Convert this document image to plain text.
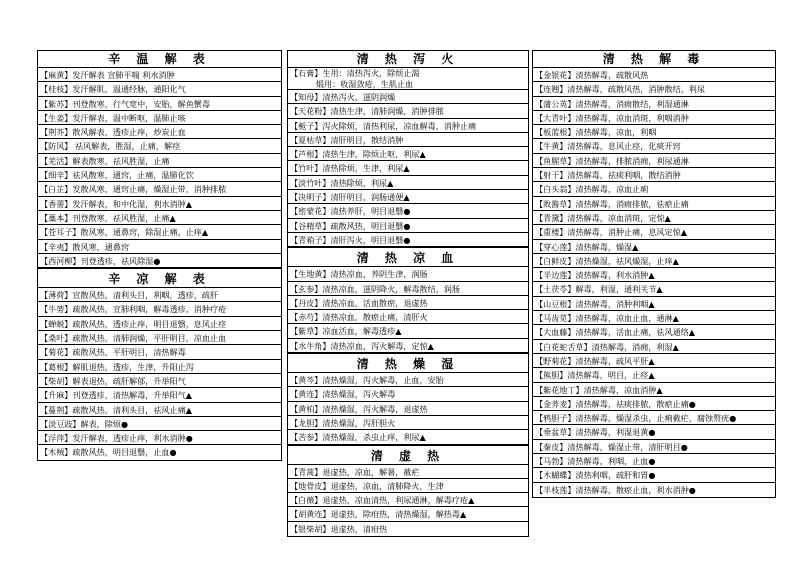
辛 温 解 表
【麻黄】发汗解表 宣肺平喘 利水消肿
【桂枝】发汗解肌，温通经脉，通阳化气
【紫苏】刊登散寒，行气宽中，安胎，解鱼蟹毒
【生姜】发汗解表，温中断呕，温肺止咳
【荆芥】散风解表，透疹止痒，炒炭止血
【防风】 祛风解表，胜湿，止痛，解痉
【羌活】解表散寒，祛风胜湿，止痛
【细辛】祛风散寒，通窍，止痛，温肺化饮
【白芷】发散风寒，通窍止痛，燥湿止带，消肿排脓
【香薷】发汗解表，和中化湿，利水消肿▲
【藁本】刊登散寒，祛风胜湿，止痛▲
【苍耳子】散风寒，通鼻窍，除湿止痛，止痒▲
【辛夷】散风寒，通鼻窍
【西河柳】刊登透疹，祛风除湿●
辛 凉 解 表
【薄荷】宣散风热，清利头目，利咽，透疹，疏肝
【牛蒡】疏散风热，宣肺利咽，解毒透疹，消肿疗疮
【蝉蜕】疏散风热，透疹止痒，明目退翳，息风止痉
【桑叶】疏散风热，清肺润燥，平肝明目，凉血止血
【菊花】疏散风热，平肝明目，清热解毒
【葛根】解肌退热，透疹，生津，升阳止泻
【柴胡】解表退热，疏肝解郁，升举阳气
【升麻】刊登透疹，清热解毒，升举阳气▲
【蔓荆】疏散风热，清利头目，祛风止痛▲
【淡豆豉】解表，除烦●
【浮萍】发汗解表，透疹止痒，利水消肿●
【木贼】疏散风热，明目退翳，止血●
清 热 泻 火
【石膏】生用：清热泻火，除烦止渴
煅用：收湿敛疮，生肌止血
【知母】清热泻火，滋阴润燥
【天花粉】清热生津，清肺润燥，消肿排脓
【栀子】泻火除烦，清热利尿，凉血解毒，消肿止痛
【夏枯草】清肝明目，散结消肿
【芦根】清热生津，除烦止呕，利尿▲
【竹叶】清热除烦，生津，利尿▲
【淡竹叶】清热除烦，利尿▲
【决明子】清肝明目，润肠通便▲
【密蒙花】清热养肝，明目退翳●
【谷精草】疏散风热，明目退翳●
【青葙子】清肝泻火，明目退翳●
清 热 凉 血
【生地黄】清热凉血，养阴生津，润肠
【玄参】清热凉血，滋阴降火，解毒散结，润肠
【丹皮】清热凉血，活血散瘀，退虚热
【赤芍】清热凉血，散瘀止痛，清肝火
【紫草】凉血活血，解毒透疹▲
【水牛角】清热凉血，泻火解毒，定惊▲
清 热 燥 湿
【黄芩】清热燥湿，泻火解毒，止血，安胎
【黄连】清热燥湿，泻火解毒
【黄柏】清热燥湿，泻火解毒，退虚热
【龙胆】清热燥湿，泻肝胆火
【苦参】清热燥湿，杀虫止痒，利尿▲
清 虚 热
【青蒿】退虚热，凉血，解暑，截疟
【地骨皮】退虚热，凉血，清肺降火，生津
【白薇】退虚热，凉血清热，利尿通淋，解毒疗疮▲
【胡黄连】退虚热，除疳热，清热燥湿，解热毒▲
【银柴胡】退虚热，清疳热
清 热 解 毒
【金银花】清热解毒，疏散风热
【连翘】清热解毒，疏散风热，消肿散结，利尿
【蒲公英】清热解毒，消痈散结，利湿通淋
【大青叶】清热解毒，凉血消斑，利咽消肿
【板蓝根】清热解毒，凉血，利咽
【牛黄】清热解毒，息风止痉，化痰开窍
【鱼腥草】清热解毒，排脓消痈，利尿通淋
【射干】清热解毒，祛痰利咽，散结消肿
【白头翁】清热解毒，凉血止痢
【败酱草】清热解毒，消痈排脓，祛瘀止痛
【青黛】清热解毒，凉血消斑，定惊▲
【重楼】清热解毒，消肿止痛，息风定惊▲
【穿心莲】清热解毒，燥湿▲
【白鲜皮】清热燥湿，祛风燥湿，止痒▲
【半边莲】清热解毒，利水消肿▲
【土茯苓】解毒，利湿，通利关节▲
【山豆根】清热解毒，消肿利咽▲
【马齿苋】清热解毒，凉血止血，通淋▲
【大血藤】清热解毒，活血止痛，祛风通络▲
【白花蛇舌草】清热解毒，消痈，利湿▲
【野菊花】清热解毒，疏风平肝▲
【熊胆】清热解毒，明目，止痉▲
【紫花地丁】清热解毒，凉血消肿▲
【金荞麦】清热解毒，祛痰排脓，散瘀止痛●
【鸦胆子】清热解毒，燥湿杀虫，止痢截疟，腐蚀赘疣●
【垂盆草】清热解毒，利湿退黄●
【秦皮】清热解毒，燥湿止带，清肝明目●
【马勃】清热解毒，利咽，止血●
【木蝴蝶】清热利咽，疏肝和胃●
【半枝莲】清热解毒，散瘀止血，利水消肿●
